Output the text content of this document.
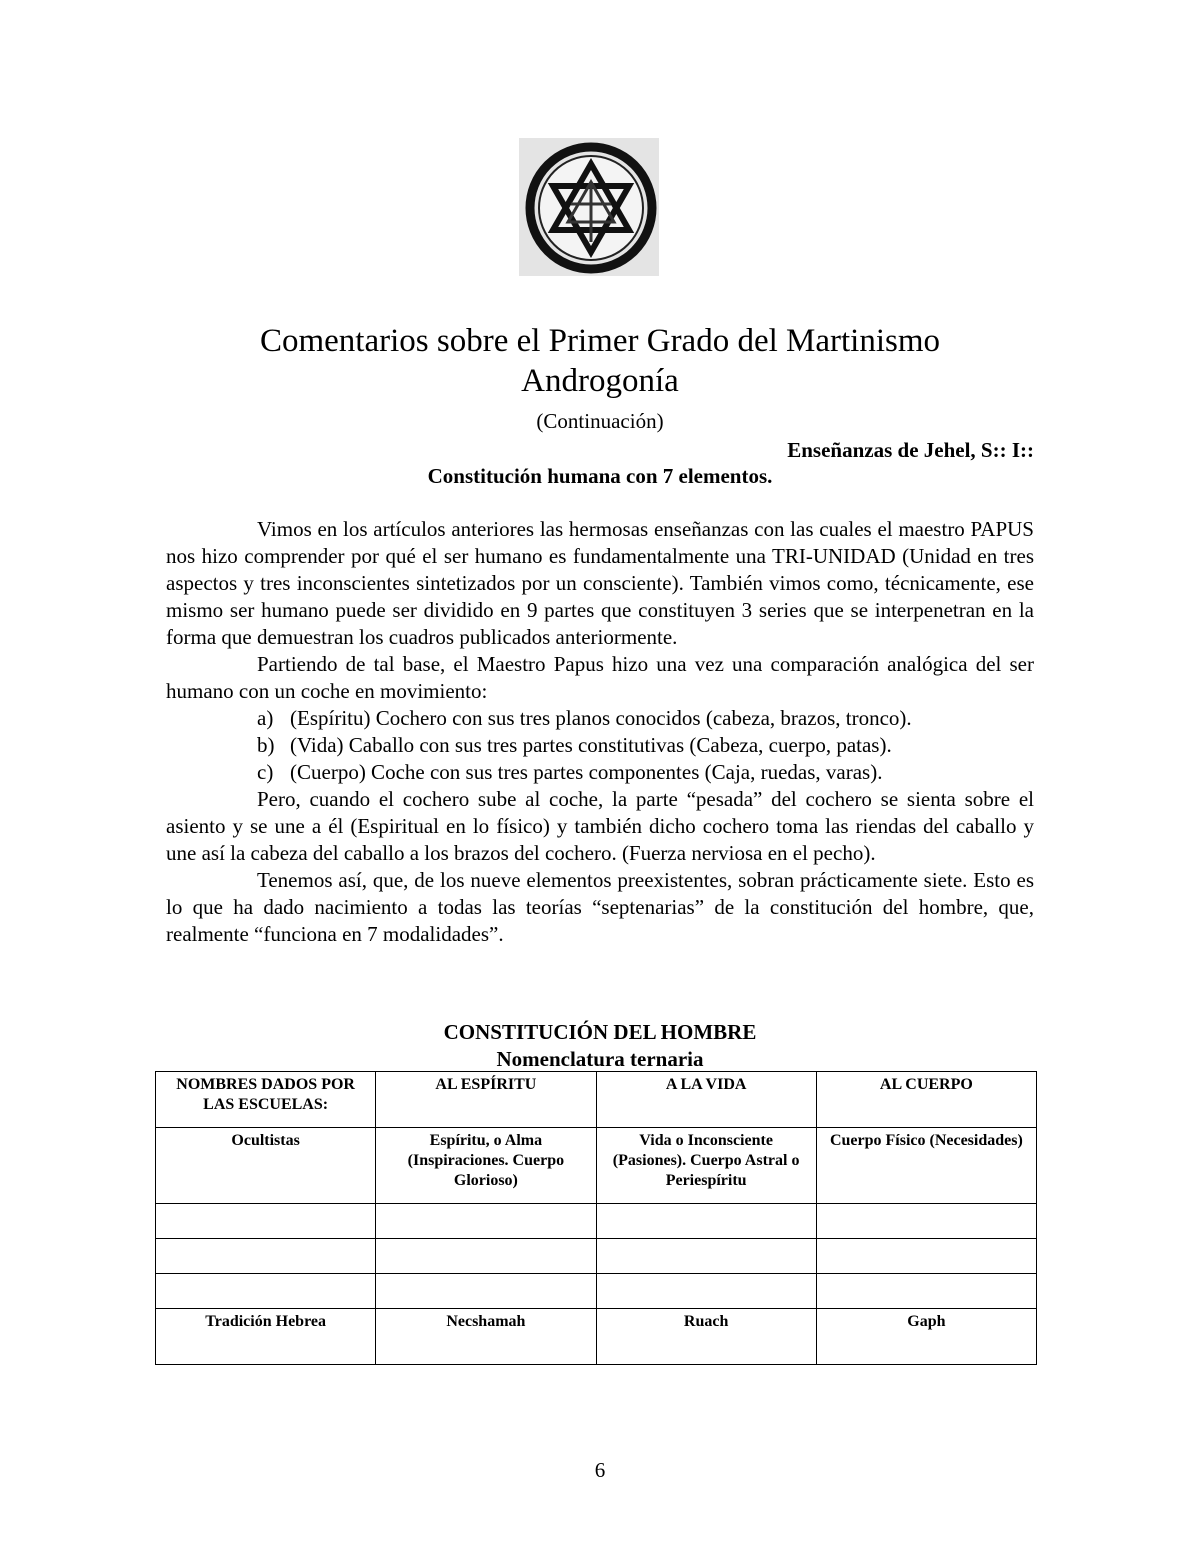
Comentarios sobre el Primer Grado del Martinismo
Androgonía
(Continuación)
Enseñanzas de Jehel, S:: I::
Constitución humana con 7 elementos.

Vimos en los artículos anteriores las hermosas enseñanzas con las cuales el maestro PAPUS nos hizo comprender por qué el ser humano es fundamentalmente una TRI-UNIDAD (Unidad en tres aspectos y tres inconscientes sintetizados por un consciente). También vimos como, técnicamente, ese mismo ser humano puede ser dividido en 9 partes que constituyen 3 series que se interpenetran en la forma que demuestran los cuadros publicados anteriormente.

Partiendo de tal base, el Maestro Papus hizo una vez una comparación analógica del ser humano con un coche en movimiento:

a) (Espíritu) Cochero con sus tres planos conocidos (cabeza, brazos, tronco).
b) (Vida) Caballo con sus tres partes constitutivas (Cabeza, cuerpo, patas).
c) (Cuerpo) Coche con sus tres partes componentes (Caja, ruedas, varas).

Pero, cuando el cochero sube al coche, la parte “pesada” del cochero se sienta sobre el asiento y se une a él (Espiritual en lo físico) y también dicho cochero toma las riendas del caballo y une así la cabeza del caballo a los brazos del cochero. (Fuerza nerviosa en el pecho).

Tenemos así, que, de los nueve elementos preexistentes, sobran prácticamente siete. Esto es lo que ha dado nacimiento a todas las teorías “septenarias” de la constitución del hombre, que, realmente “funciona en 7 modalidades”.

CONSTITUCIÓN DEL HOMBRE
Nomenclatura ternaria
NOMBRES DADOS POR LAS ESCUELAS:	AL ESPÍRITU	A LA VIDA	AL CUERPO
Ocultistas	Espíritu, o Alma (Inspiraciones. Cuerpo Glorioso)	Vida o Inconsciente (Pasiones). Cuerpo Astral o Periespíritu	Cuerpo Físico (Necesidades)

Tradición Hebrea	Necshamah	Ruach	Gaph
6
